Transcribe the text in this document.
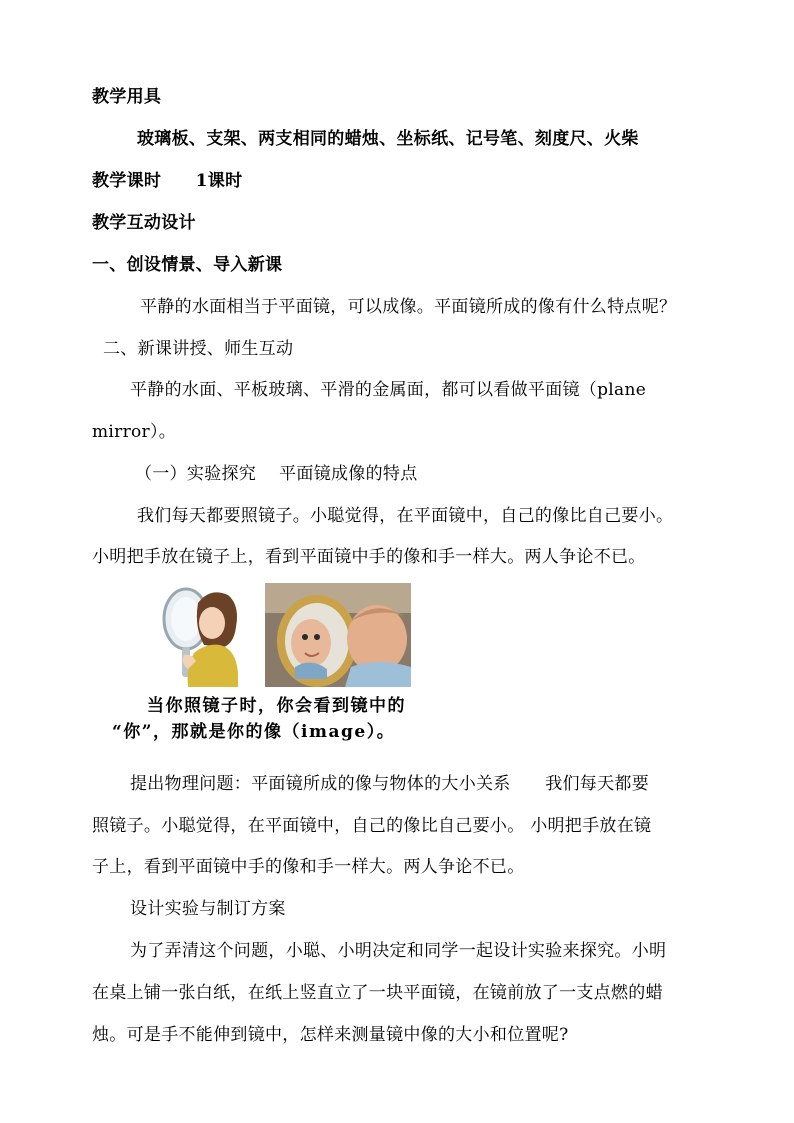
教学用具
玻璃板、支架、两支相同的蜡烛、坐标纸、记号笔、刻度尺、火柴
教学课时 1课时
教学互动设计
一、创设情景、导入新课
平静的水面相当于平面镜，可以成像。平面镜所成的像有什么特点呢？
二、新课讲授、师生互动
平静的水面、平板玻璃、平滑的金属面，都可以看做平面镜（plane
mirror）。
（一）实验探究　 平面镜成像的特点
我们每天都要照镜子。小聪觉得，在平面镜中，自己的像比自己要小。
小明把手放在镜子上，看到平面镜中手的像和手一样大。两人争论不已。
当你照镜子时，你会看到镜中的
“你”，那就是你的像（image）。
提出物理问题：平面镜所成的像与物体的大小关系　　我们每天都要
照镜子。小聪觉得，在平面镜中，自己的像比自己要小。 小明把手放在镜
子上，看到平面镜中手的像和手一样大。两人争论不已。
设计实验与制订方案
为了弄清这个问题，小聪、小明决定和同学一起设计实验来探究。小明
在桌上铺一张白纸，在纸上竖直立了一块平面镜，在镜前放了一支点燃的蜡
烛。可是手不能伸到镜中，怎样来测量镜中像的大小和位置呢?
